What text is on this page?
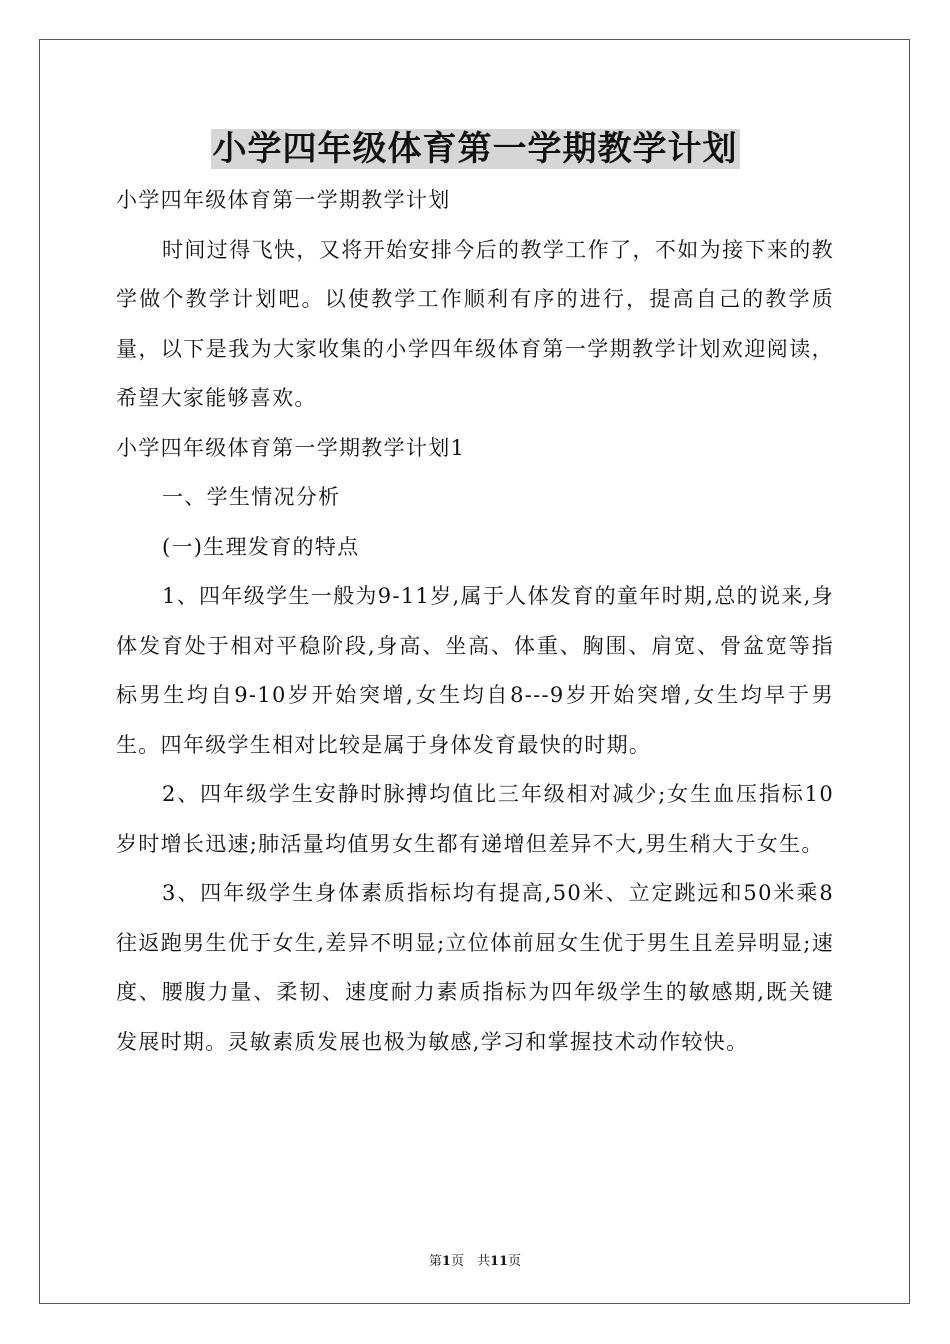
小学四年级体育第一学期教学计划

小学四年级体育第一学期教学计划

时间过得飞快，又将开始安排今后的教学工作了，不如为接下来的教学做个教学计划吧。以使教学工作顺利有序的进行，提高自己的教学质量，以下是我为大家收集的小学四年级体育第一学期教学计划欢迎阅读，希望大家能够喜欢。

小学四年级体育第一学期教学计划1

一、学生情况分析

(一)生理发育的特点

1、四年级学生一般为9-11岁,属于人体发育的童年时期,总的说来,身体发育处于相对平稳阶段,身高、坐高、体重、胸围、肩宽、骨盆宽等指标男生均自9-10岁开始突增,女生均自8---9岁开始突增,女生均早于男生。四年级学生相对比较是属于身体发育最快的时期。

2、四年级学生安静时脉搏均值比三年级相对减少;女生血压指标10岁时增长迅速;肺活量均值男女生都有递增但差异不大,男生稍大于女生。

3、四年级学生身体素质指标均有提高,50米、立定跳远和50米乘8往返跑男生优于女生,差异不明显;立位体前屈女生优于男生且差异明显;速度、腰腹力量、柔韧、速度耐力素质指标为四年级学生的敏感期,既关键发展时期。灵敏素质发展也极为敏感,学习和掌握技术动作较快。

第1页　共11页
